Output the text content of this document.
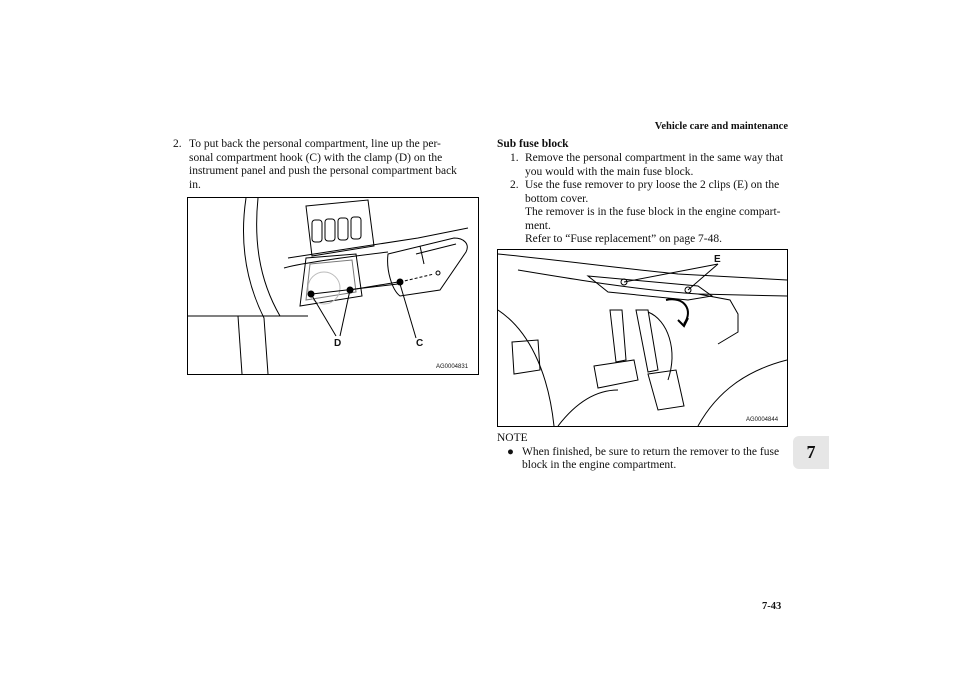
Vehicle care and maintenance
7
7-43
2. To put back the personal compartment, line up the per-
sonal compartment hook (C) with the clamp (D) on the
instrument panel and push the personal compartment back
in.
D	C
AG0004831
Sub fuse block
1. Remove the personal compartment in the same way that
you would with the main fuse block.
2. Use the fuse remover to pry loose the 2 clips (E) on the
bottom cover.
The remover is in the fuse block in the engine compart-
ment.
Refer to “Fuse replacement” on page 7-48.
E
AG0004844
NOTE
● When finished, be sure to return the remover to the fuse
block in the engine compartment.
